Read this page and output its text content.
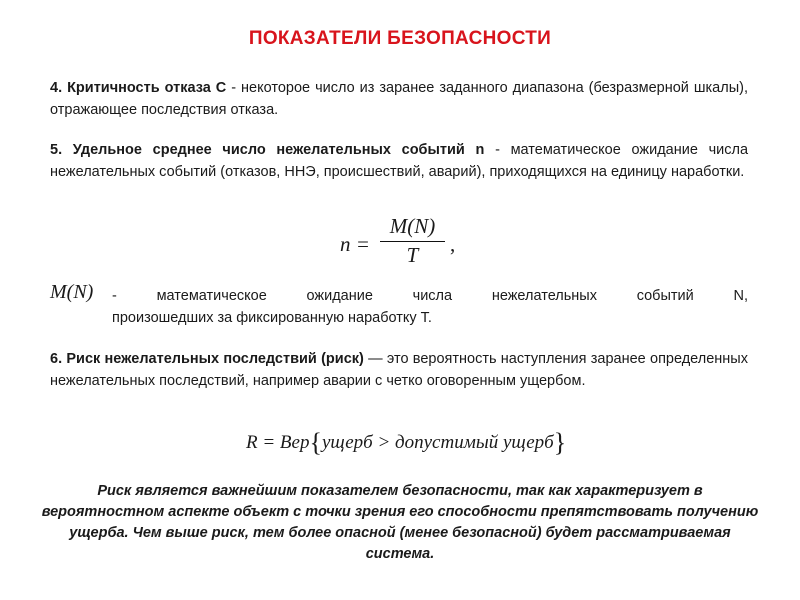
ПОКАЗАТЕЛИ БЕЗОПАСНОСТИ
4. Критичность отказа С - некоторое число из заранее заданного диапазона (безразмерной шкалы), отражающее последствия отказа.
5. Удельное среднее число нежелательных событий n - математическое ожидание числа нежелательных событий (отказов, ННЭ, происшествий, аварий), приходящихся на единицу наработки.
n =
M(N)
T	,
M(N) - математическое ожидание числа нежелательных событий N,
произошедших за фиксированную наработку Т.
6. Риск нежелательных последствий (риск) — это вероятность наступления заранее определенных нежелательных последствий, например аварии с четко оговоренным ущербом.
R = Вер{ущерб > допустимый ущерб}
Риск является важнейшим показателем безопасности, так как характеризует в вероятностном аспекте объект с точки зрения его способности препятствовать получению ущерба. Чем выше риск, тем более опасной (менее безопасной) будет рассматриваемая система.
